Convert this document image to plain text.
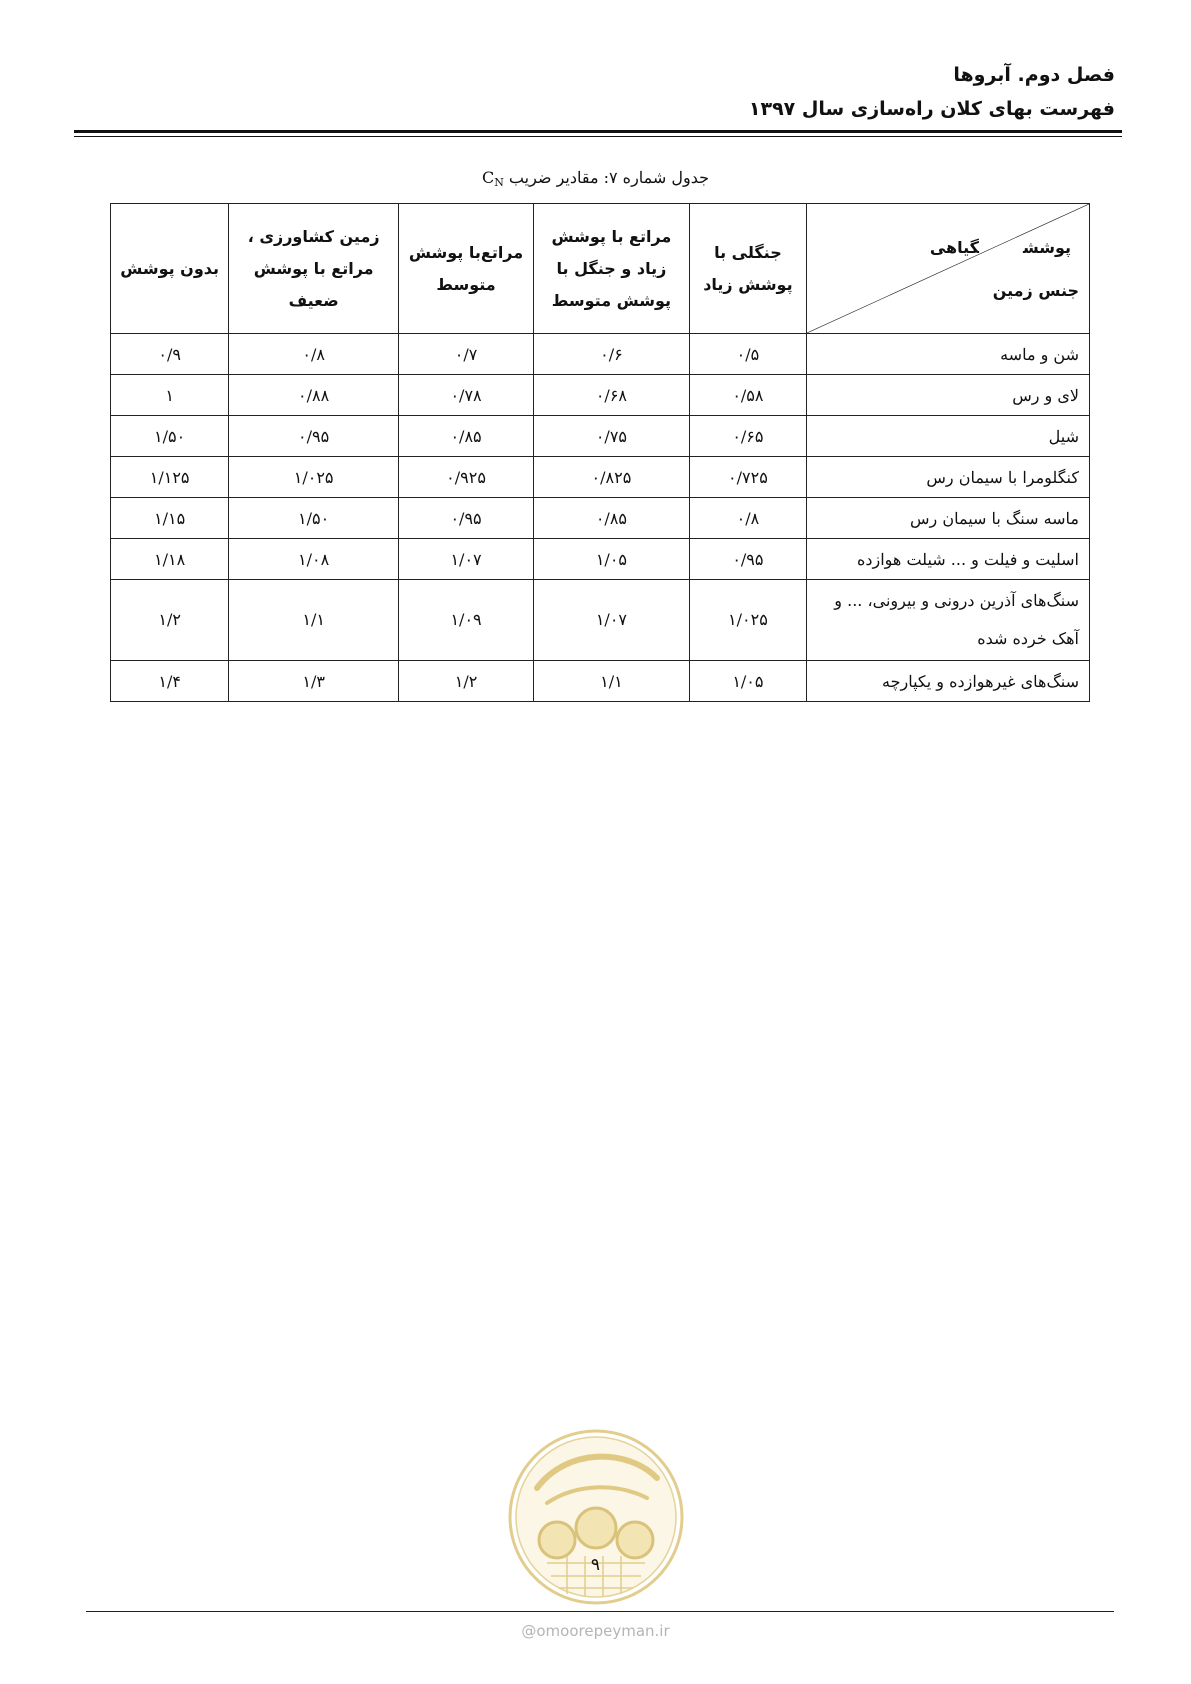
فصل دوم. آبروها
فهرست بهای کلان راه‌سازی سال ۱۳۹۷
جدول شماره ۷: مقادیر ضریب $C_N$
پوششگیاهی
جنس زمین	جنگلی با پوشش زیاد	مراتع با پوشش زیاد و جنگل با پوشش متوسط	مراتع‌با پوشش متوسط	زمین کشاورزی ، مراتع با پوشش ضعیف	بدون پوشش
شن و ماسه	۰/۵	۰/۶	۰/۷	۰/۸	۰/۹
لای و رس	۰/۵۸	۰/۶۸	۰/۷۸	۰/۸۸	۱
شیل	۰/۶۵	۰/۷۵	۰/۸۵	۰/۹۵	۱/۵۰
کنگلومرا با سیمان رس	۰/۷۲۵	۰/۸۲۵	۰/۹۲۵	۱/۰۲۵	۱/۱۲۵
ماسه سنگ با سیمان رس	۰/۸	۰/۸۵	۰/۹۵	۱/۵۰	۱/۱۵
اسلیت و فیلت و ... شیلت هوازده	۰/۹۵	۱/۰۵	۱/۰۷	۱/۰۸	۱/۱۸
سنگ‌های آذرین درونی و بیرونی، ... و آهک خرده شده	۱/۰۲۵	۱/۰۷	۱/۰۹	۱/۱	۱/۲
سنگ‌های غیرهوازده و یکپارچه	۱/۰۵	۱/۱	۱/۲	۱/۳	۱/۴
۹
@omoorepeyman.ir
